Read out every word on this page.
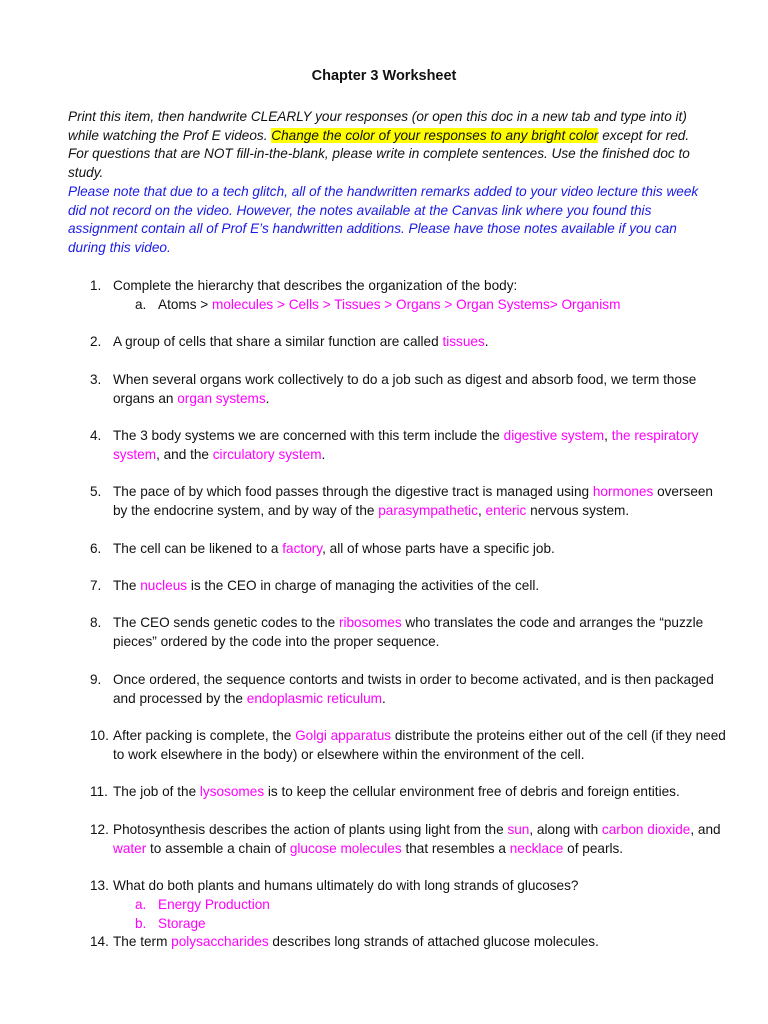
Chapter 3 Worksheet
Print this item, then handwrite CLEARLY your responses (or open this doc in a new tab and type into it) while watching the Prof E videos. Change the color of your responses to any bright color except for red.
For questions that are NOT fill-in-the-blank, please write in complete sentences. Use the finished doc to study.
Please note that due to a tech glitch, all of the handwritten remarks added to your video lecture this week did not record on the video. However, the notes available at the Canvas link where you found this assignment contain all of Prof E’s handwritten additions. Please have those notes available if you can during this video.
1. Complete the hierarchy that describes the organization of the body:
a. Atoms > molecules > Cells > Tissues > Organs > Organ Systems> Organism
2. A group of cells that share a similar function are called tissues.
3. When several organs work collectively to do a job such as digest and absorb food, we term those organs an organ systems.
4. The 3 body systems we are concerned with this term include the digestive system, the respiratory system, and the circulatory system.
5. The pace of by which food passes through the digestive tract is managed using hormones overseen by the endocrine system, and by way of the parasympathetic, enteric nervous system.
6. The cell can be likened to a factory, all of whose parts have a specific job.
7. The nucleus is the CEO in charge of managing the activities of the cell.
8. The CEO sends genetic codes to the ribosomes who translates the code and arranges the “puzzle pieces” ordered by the code into the proper sequence.
9. Once ordered, the sequence contorts and twists in order to become activated, and is then packaged and processed by the endoplasmic reticulum.
10. After packing is complete, the Golgi apparatus distribute the proteins either out of the cell (if they need to work elsewhere in the body) or elsewhere within the environment of the cell.
11. The job of the lysosomes is to keep the cellular environment free of debris and foreign entities.
12. Photosynthesis describes the action of plants using light from the sun, along with carbon dioxide, and water to assemble a chain of glucose molecules that resembles a necklace of pearls.
13. What do both plants and humans ultimately do with long strands of glucoses?
a. Energy Production
b. Storage
14. The term polysaccharides describes long strands of attached glucose molecules.
